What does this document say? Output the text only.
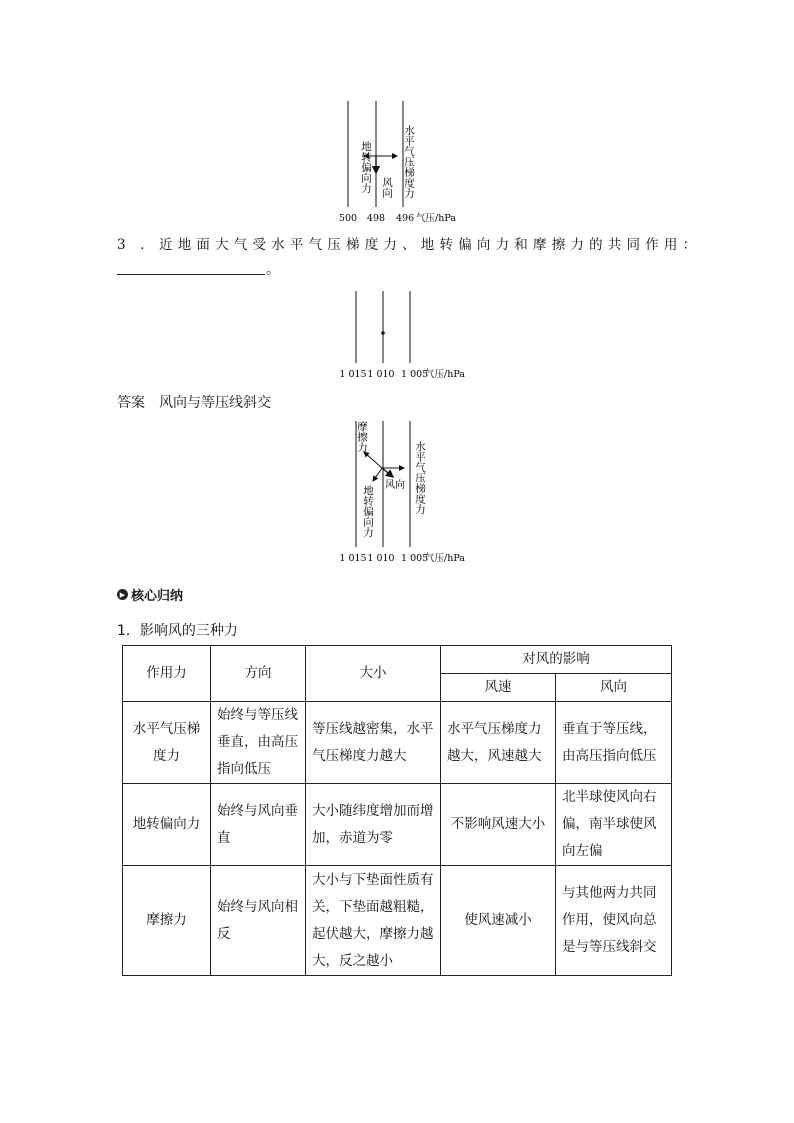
地转偏向力 风向 水平气压梯度力
500 498 496 气压/hPa
3 ．近地面大气受水平气压梯度力、地转偏向力和摩擦力的共同作用：
。
1 015 1 010 1 005
气压/hPa
答案 风向与等压线斜交
摩擦力
地转偏向力 风向 水平气压梯度力
1 015 1 010 1 005
气压/hPa
▶ 核心归纳
1．影响风的三种力
作用力	方向	大小	对风的影响	
			风速	风向
水平气压梯度力	始终与等压线垂直，由高压指向低压	等压线越密集，水平气压梯度力越大	水平气压梯度力越大，风速越大	垂直于等压线，由高压指向低压
地转偏向力	始终与风向垂直	大小随纬度增加而增加，赤道为零	不影响风速大小	北半球使风向右偏，南半球使风向左偏
摩擦力	始终与风向相反	大小与下垫面性质有关，下垫面越粗糙，起伏越大，摩擦力越大，反之越小	使风速减小	与其他两力共同作用，使风向总是与等压线斜交
